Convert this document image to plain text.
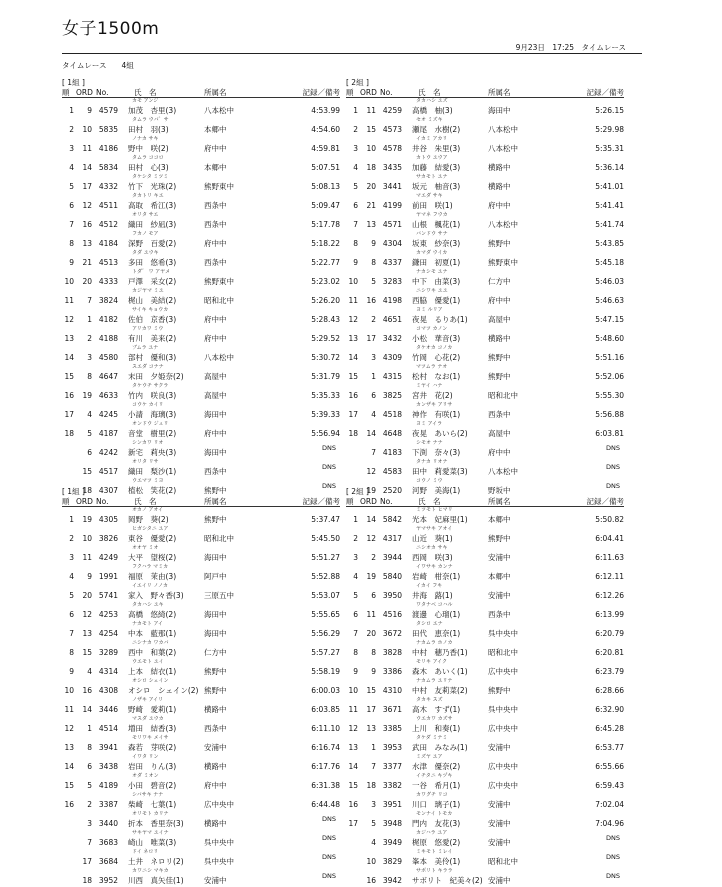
女子1500m
9月23日　17:25　タイムレース
タイムレース　　4組
[ 1組 ]
順 ORD No.	氏　名	所属名	記録／備考
カモ アンジ
1	9 4579	加茂　杏里(3)	八本松中	4:53.99
タムラ ウバ゛サ
2	10 5835	田村　羽(3)	本郷中	4:54.60
ノナカ サキ
3	11 4186	野中　咲(2)	府中中	4:59.81
タムラ ココロ
4	14 5834	田村　心(3)	本郷中	5:07.51
タケシタ ミツミ
5	17 4332	竹下　光珠(2)	熊野東中	5:08.13
タカトリ キエ
6	12 4511	高取　希江(3)	西条中	5:09.47
オリタ サエ
7	16 4512	織田　紗凪(3)	西条中	5:17.78
フカノ モア
8	13 4184	深野　百愛(2)	府中中	5:18.22
タダ ユウキ
9	21 4513	多田　悠希(3)	西条中	5:22.77
トダ゛ ワ アヤメ
10	20 4333	戸澤　采女(2)	熊野東中	5:23.02
カジヤマ ミユ
11	7 3824	梶山　美結(2)	昭和北中	5:26.20
サイキ キョウカ
12	1 4182	佐伯　京香(3)	府中中	5:28.43
アリカワ ミウ
13	2 4188	有川　美来(2)	府中中	5:29.52
ブムラ ユナ
14	3 4580	部村　優和(3)	八本松中	5:30.72
スエダ コナナ
15	8 4647	末田　夕姫奈(2)	高屋中	5:31.79
タケウチ サクラ
16	19 4633	竹内　咲良(3)	高屋中	5:35.33
コウケ カイリ
17	4 4245	小請　海璃(3)	海田中	5:39.33
オンドウ ジュリ
18	5 4187	音堂　樹里(2)	府中中	5:56.94
DNS
シンカワ リオ
6 4242	新宅　莉央(3)	海田中
DNS
オリタ リサ
15 4517	織田　梨沙(1)	西条中
DNS
ウエマツ ミヨ
18 4307	植松　笑花(2)	熊野中
[ 2組 ]
順 ORD No.	氏　名	所属名	記録／備考
タカハシ ユズ
1	11 4259	高橋　柚(3)	海田中	5:26.15
セオ ミズキ
2	15 4573	瀬尾　水樹(2)	八本松中	5:29.98
イカミ アカリ
3	10 4578	井谷　朱里(3)	八本松中	5:35.31
カトウ ユウア
4	18 3435	加藤　結愛(3)	横路中	5:36.14
サカモト ユナ
5	20 3441	坂元　柚音(3)	横路中	5:41.01
マエダ サキ
6	21 4199	前田　咲(1)	府中中	5:41.41
ヤマネ フウカ
7	13 4571	山根　楓花(1)	八本松中	5:41.74
バンドウ サナ
8	9 4304	坂東　紗奈(3)	熊野中	5:43.85
カマダ ウイカ
9	8 4337	鎌田　初夏(1)	熊野東中	5:45.18
ナカシモ ユナ
10	5 3283	中下　由菜(3)	仁方中	5:46.03
ニシワキ ユユ
11	16 4198	西脇　優愛(1)	府中中	5:46.63
ヨミ ルリア
12	2 4651	夜晃　るりあ(1)	高屋中	5:47.15
コマツ カノン
13	17 3432	小松　華音(3)	横路中	5:48.60
タケオカ コノカ
14	3 4309	竹岡　心花(2)	熊野中	5:51.16
マツムラ ナオ
15	1 4315	松村　なお(1)	熊野中	5:52.06
ミヤイ ハナ
16	6 3825	宮井　花(2)	昭和北中	5:55.30
カンザキ アリサ
17	4 4518	神作　有咲(1)	西条中	5:56.88
ヨミ アイラ
18	14 4648	夜晃　あいら(2)	高屋中	6:03.81
DNS
シモオ ナナ
7 4183	下渕　奈々(3)	府中中
DNS
タナカ リオナ
12 4583	田中　莉愛菜(3)	八本松中
DNS
コウノ ミウ
19 2520	河野　美海(1)	野坂中
[ 1組 ]
順 ORD No.	氏　名	所属名	記録／備考
オカノ アオイ
1	19 4305	岡野　葵(2)	熊野中	5:37.47
ヒガシタニ ユア
2	10 3826	東谷　優愛(2)	昭和北中	5:45.50
オオヤ ミオ
3	11 4249	大平　望桜(2)	海田中	5:51.27
フクハラ マミカ
4	9 1991	福原　茉由(3)	阿戸中	5:52.88
イエイリ ノノカ
5	20 5741	家入　野々香(3)	三原五中	5:53.07
タカハシ ユキ
6	12 4253	高橋　悠綺(2)	海田中	5:55.65
ナカモト アイ
7	13 4254	中本　藍那(1)	海田中	5:56.29
ニシナカ ワカバ
8	15 3289	西中　和葉(2)	仁方中	5:57.27
ウエモト ユイ
9	4 4314	上本　結衣(1)	熊野中	5:58.19
オシロ シェイン
10	16 4308	オシロ　シェイン(2) 熊野中	6:00.03
ノザキ アイリ
11	14 3446	野崎　愛莉(1)	横路中	6:03.85
マスダ ユウカ
12	1 4514	増田　結香(3)	西条中	6:11.10
モリワキ メイサ
13	8 3941	森若　芽咲(2)	安浦中	6:16.74
イワタ リン
14	6 3438	岩田　りん(3)	横路中	6:17.76
オダ ミオン
15	5 4189	小田　碧音(2)	府中中	6:31.38
シバサキ ナナ
16	2 3387	柴崎　七葉(1)	広中央中	6:44.48
DNS
オリモト カリナ
3 3440	折本　香里奈(3)	横路中
DNS
サキヤマ ユイナ
7 3683	崎山　唯菜(3)	呉中央中
DNS
ドイ ネロリ
17 3684	土井　ネロリ(2)	呉中央中
DNS
カワニシ マキカ
18 3952	川西　真矢佳(1)	安浦中
[ 2組 ]
順 ORD No.	氏　名	所属名	記録／備考
ミツモト ヒマリ
1	14 5842	光本　妃麻里(1)	本郷中	5:50.82
ヤマサキ アオイ
2	12 4317	山近　葵(1)	熊野中	6:04.41
ニシオカ サキ
3	2 3944	西岡　咲(3)	安浦中	6:11.63
イワサキ カンナ
4	19 5840	岩崎　柑奈(1)	本郷中	6:12.11
イカイ フキ
5	6 3950	井海　蕗(1)	安浦中	6:12.26
ワタナベ コハル
6	11 4516	渡邊　心瑠(1)	西条中	6:13.99
タシロ エナ
7	20 3672	田代　恵奈(1)	呉中央中	6:20.79
ナカムラ ホノカ
8	8 3828	中村　穂乃香(1)	昭和北中	6:20.81
モリキ アイク
9	9 3386	森木　あいく(1)	広中央中	6:23.79
ナカムラ ユリナ
10	15 4310	中村　友莉菜(2)	熊野中	6:28.66
タカキ スズ
11	17 3671	高木　すず(1)	呉中央中	6:32.90
ウエカワ カズサ
12	13 3385	上川　和奏(1)	広中央中	6:45.28
タケダ ミナミ
13	1 3953	武田　みなみ(1)	安浦中	6:53.77
ミズヤ ユア
14	7 3377	水津　優奈(2)	広中央中	6:55.66
イチタニ キヅキ
15	18 3382	一谷　希月(1)	広中央中	6:59.43
カワグチ リコ
16	3 3951	川口　璃子(1)	安浦中	7:02.04
モンナイ トモカ
17	5 3948	門内　友花(3)	安浦中	7:04.96
DNS
カジハラ ユア
4 3949	梶原　悠愛(2)	安浦中
DNS
ミキモト ミレイ
10 3829	峯本　美伶(1)	昭和北中
DNS
サボリト キララ
16 3942	サボリト　紀美々(2) 安浦中
